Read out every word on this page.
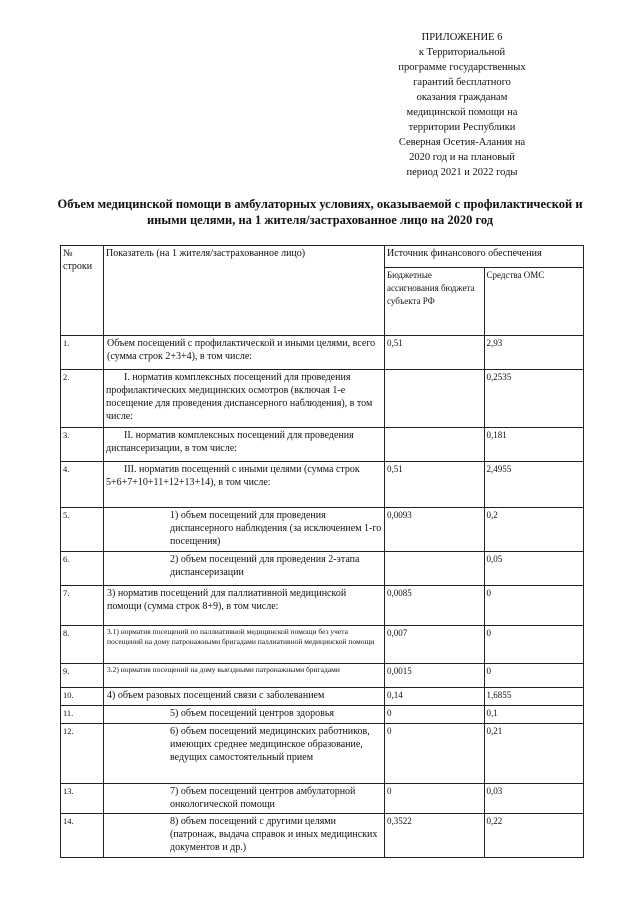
ПРИЛОЖЕНИЕ 6
к Территориальной
программе государственных
гарантий бесплатного
оказания гражданам
медицинской помощи на
территории Республики
Северная Осетия-Алания на
2020 год и на плановый
период 2021 и 2022 годы
Объем медицинской помощи в амбулаторных условиях, оказываемой с профилактической и иными целями, на 1 жителя/застрахованное лицо на 2020 год
№ строки	Показатель (на 1 жителя/застрахованное лицо)	Источник финансового обеспечения	
		Бюджетные ассигнования бюджета субъекта РФ	Средства ОМС
1.	Объем посещений с профилактической и иными целями, всего (сумма строк 2+3+4), в том числе:	0,51	2,93
2.	I. норматив комплексных посещений для проведения профилактических медицинских осмотров (включая 1-е посещение для проведения диспансерного наблюдения), в том числе:		0,2535
3.	II. норматив комплексных посещений для проведения диспансеризации, в том числе:		0,181
4.	III. норматив посещений с иными целями (сумма строк 5+6+7+10+11+12+13+14), в том числе:	0,51	2,4955
5.	1) объем посещений для проведения диспансерного наблюдения (за исключением 1-го посещения)	0,0093	0,2
6.	2) объем посещений для проведения 2-этапа диспансеризации		0,05
7.	3) норматив посещений для паллиативной медицинской помощи (сумма строк 8+9), в том числе:	0,0085	0
8.	3.1) норматив посещений по паллиативной медицинской помощи без учета посещений на дому патронажными бригадами паллиативной медицинской помощи	0,007	0
9.	3.2) норматив посещений на дому выездными патронажными бригадами	0,0015	0
10.	4) объем разовых посещений связи с заболеванием	0,14	1,6855
11.	5) объем посещений центров здоровья	0	0,1
12.	6) объем посещений медицинских работников, имеющих среднее медицинское образование, ведущих самостоятельный прием	0	0,21
13.	7) объем посещений центров амбулаторной онкологической помощи	0	0,03
14.	8) объем посещений с другими целями (патронаж, выдача справок и иных медицинских документов и др.)	0,3522	0,22
